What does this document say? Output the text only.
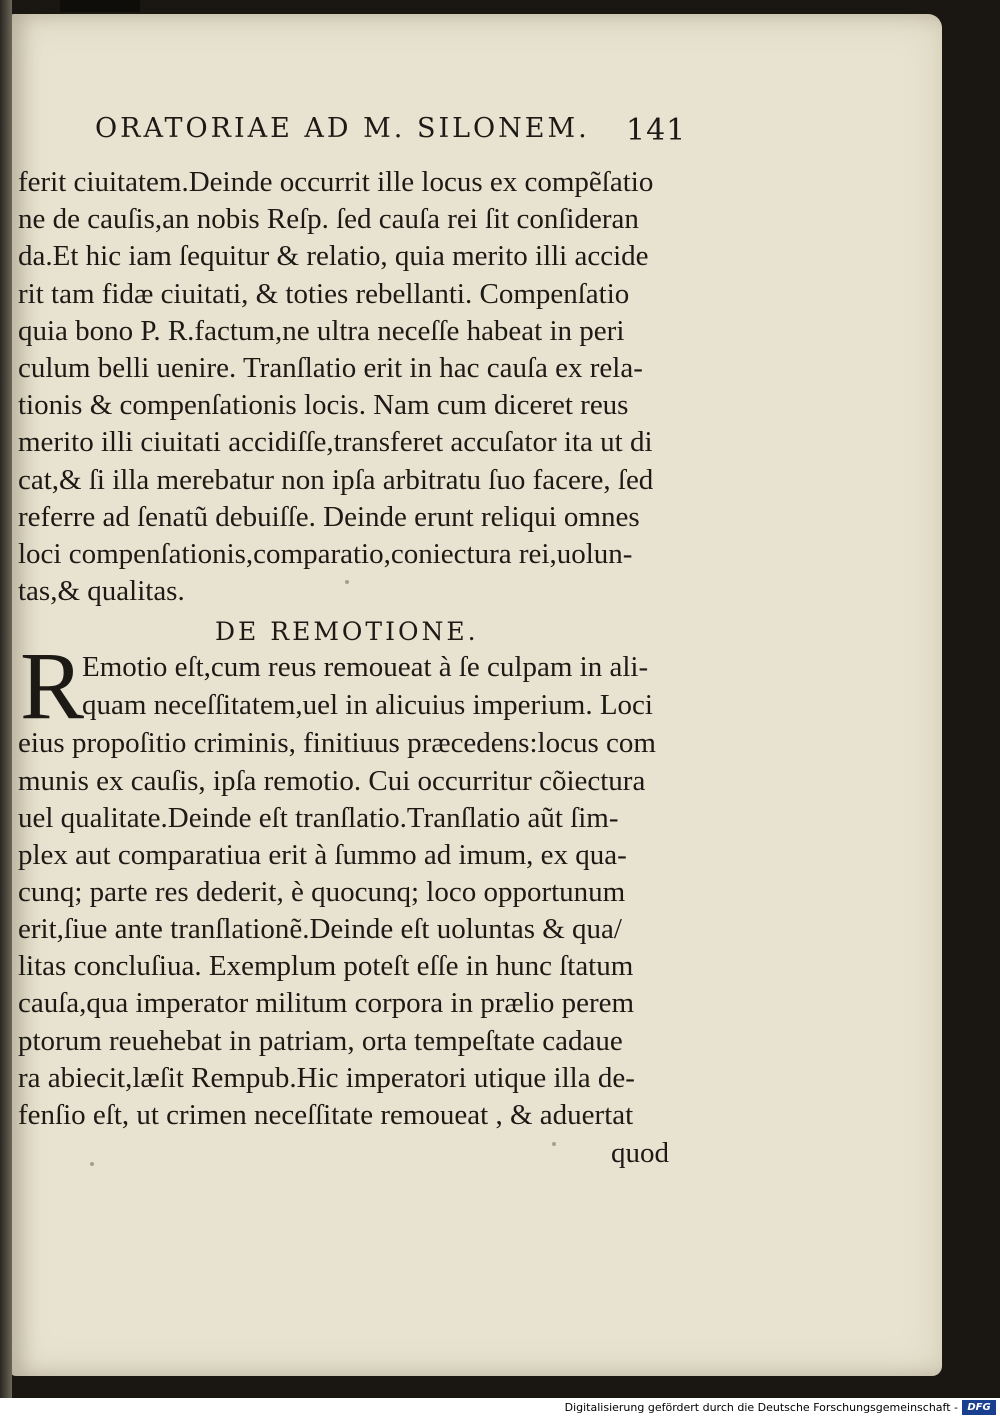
ORATORIAE AD M. SILONEM. 141
ferit ciuitatem.Deinde occurrit ille locus ex compẽſatio
ne de cauſis,an nobis Reſp. ſed cauſa rei ſit conſideran
da.Et hic iam ſequitur & relatio, quia merito illi accide
rit tam fidæ ciuitati, & toties rebellanti. Compenſatio
quia bono P. R.factum,ne ultra neceſſe habeat in peri
culum belli uenire. Tranſlatio erit in hac cauſa ex rela-
tionis & compenſationis locis. Nam cum diceret reus
merito illi ciuitati accidiſſe,transferet accuſator ita ut di
cat,& ſi illa merebatur non ipſa arbitratu ſuo facere, ſed
referre ad ſenatũ debuiſſe. Deinde erunt reliqui omnes
loci compenſationis,comparatio,coniectura rei,uolun-
tas,& qualitas.
DE REMOTIONE.
R
Emotio eſt,cum reus remoueat à ſe culpam in ali-
quam neceſſitatem,uel in alicuius imperium. Loci
eius propoſitio criminis, finitiuus præcedens:locus com
munis ex cauſis, ipſa remotio. Cui occurritur cõiectura
uel qualitate.Deinde eſt tranſlatio.Tranſlatio aũt ſim-
plex aut comparatiua erit à ſummo ad imum, ex qua-
cunq; parte res dederit, è quocunq; loco opportunum
erit,ſiue ante tranſlationẽ.Deinde eſt uoluntas & qua/
litas concluſiua. Exemplum poteſt eſſe in hunc ſtatum
cauſa,qua imperator militum corpora in prælio perem
ptorum reuehebat in patriam, orta tempeſtate cadaue
ra abiecit,læſit Rempub.Hic imperatori utique illa de-
fenſio eſt, ut crimen neceſſitate remoueat , & aduertat
quod
Digitalisierung gefördert durch die Deutsche Forschungsgemeinschaft - DFG
